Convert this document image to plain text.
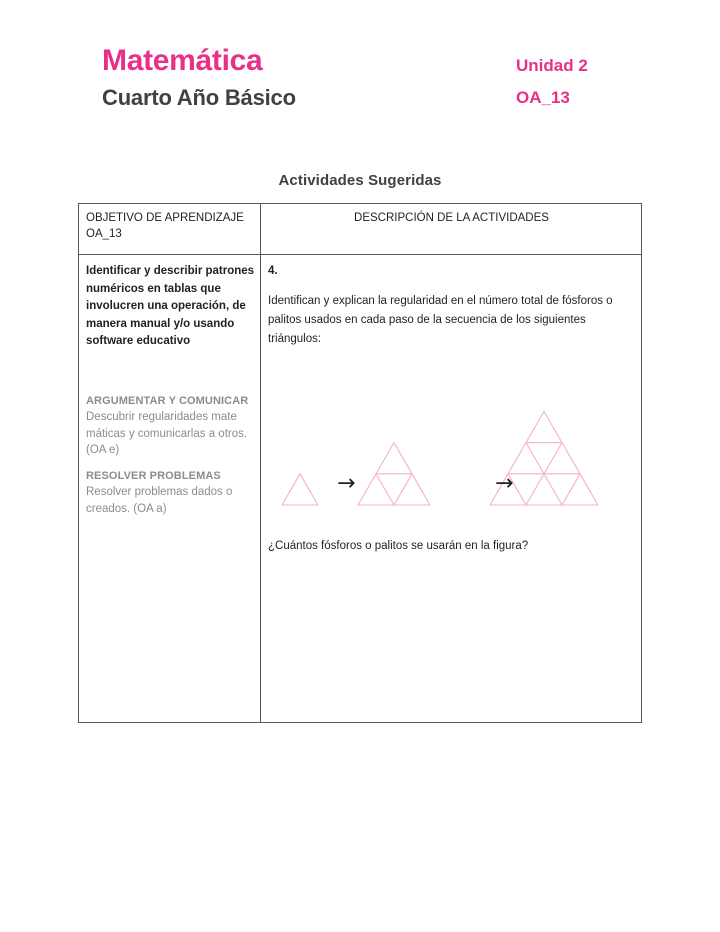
Matemática
Cuarto Año Básico
Unidad 2
OA_13
Actividades Sugeridas
OBJETIVO DE APRENDIZAJE OA_13
DESCRIPCIÓN DE LA ACTIVIDADES
Identificar y describir patrones numéricos en tablas que involucren una operación, de manera manual y/o usando software educativo
ARGUMENTAR Y COMUNICAR
Descubrir regularidades mate
máticas y comunicarlas a otros.
(OA e)
RESOLVER PROBLEMAS
Resolver problemas dados o
creados. (OA a)
4.
Identifican y explican la regularidad en el número total de fósforos o palitos usados en cada paso de la secuencia de los siguientes triángulos:
→	→
¿Cuántos fósforos o palitos se usarán en la figura?
